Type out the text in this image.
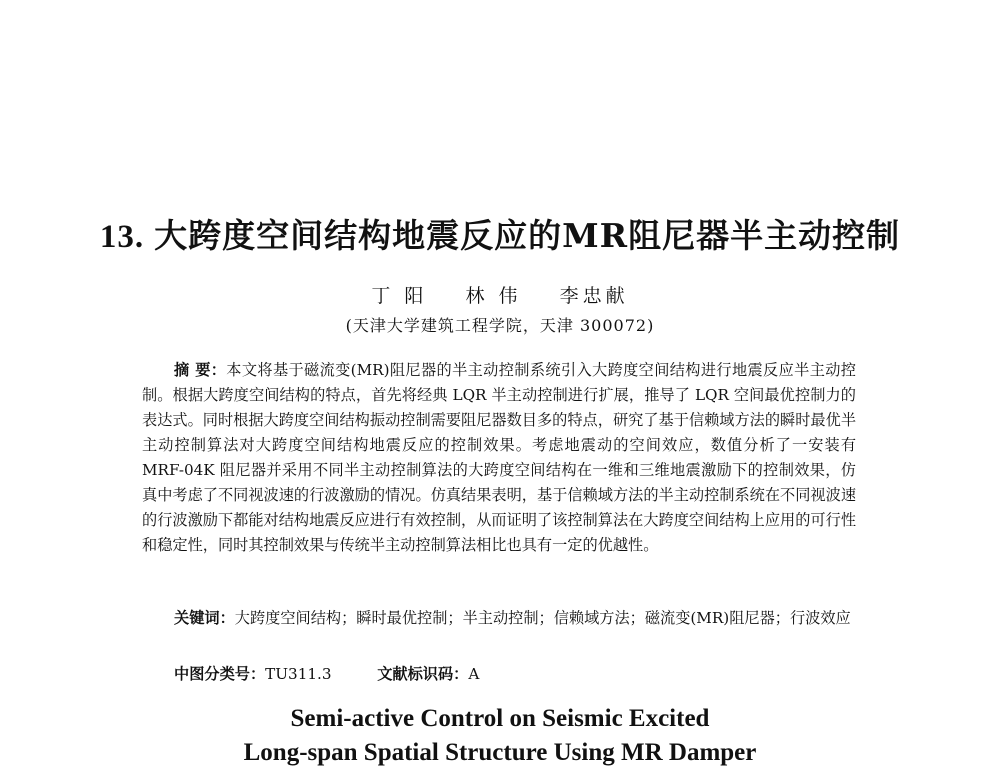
13. 大跨度空间结构地震反应的MR阻尼器半主动控制
丁 阳 林 伟 李忠献
(天津大学建筑工程学院，天津 300072)

摘 要：本文将基于磁流变(MR)阻尼器的半主动控制系统引入大跨度空间结构进行地震反应半主动控制。根据大跨度空间结构的特点，首先将经典 LQR 半主动控制进行扩展，推导了 LQR 空间最优控制力的表达式。同时根据大跨度空间结构振动控制需要阻尼器数目多的特点，研究了基于信赖域方法的瞬时最优半主动控制算法对大跨度空间结构地震反应的控制效果。考虑地震动的空间效应，数值分析了一安装有 MRF-04K 阻尼器并采用不同半主动控制算法的大跨度空间结构在一维和三维地震激励下的控制效果，仿真中考虑了不同视波速的行波激励的情况。仿真结果表明，基于信赖域方法的半主动控制系统在不同视波速的行波激励下都能对结构地震反应进行有效控制，从而证明了该控制算法在大跨度空间结构上应用的可行性和稳定性，同时其控制效果与传统半主动控制算法相比也具有一定的优越性。

关键词：大跨度空间结构；瞬时最优控制；半主动控制；信赖域方法；磁流变(MR)阻尼器；行波效应

中图分类号：TU311.3	文献标识码：A
Semi-active Control on Seismic Excited
Long-span Spatial Structure Using MR Damper
